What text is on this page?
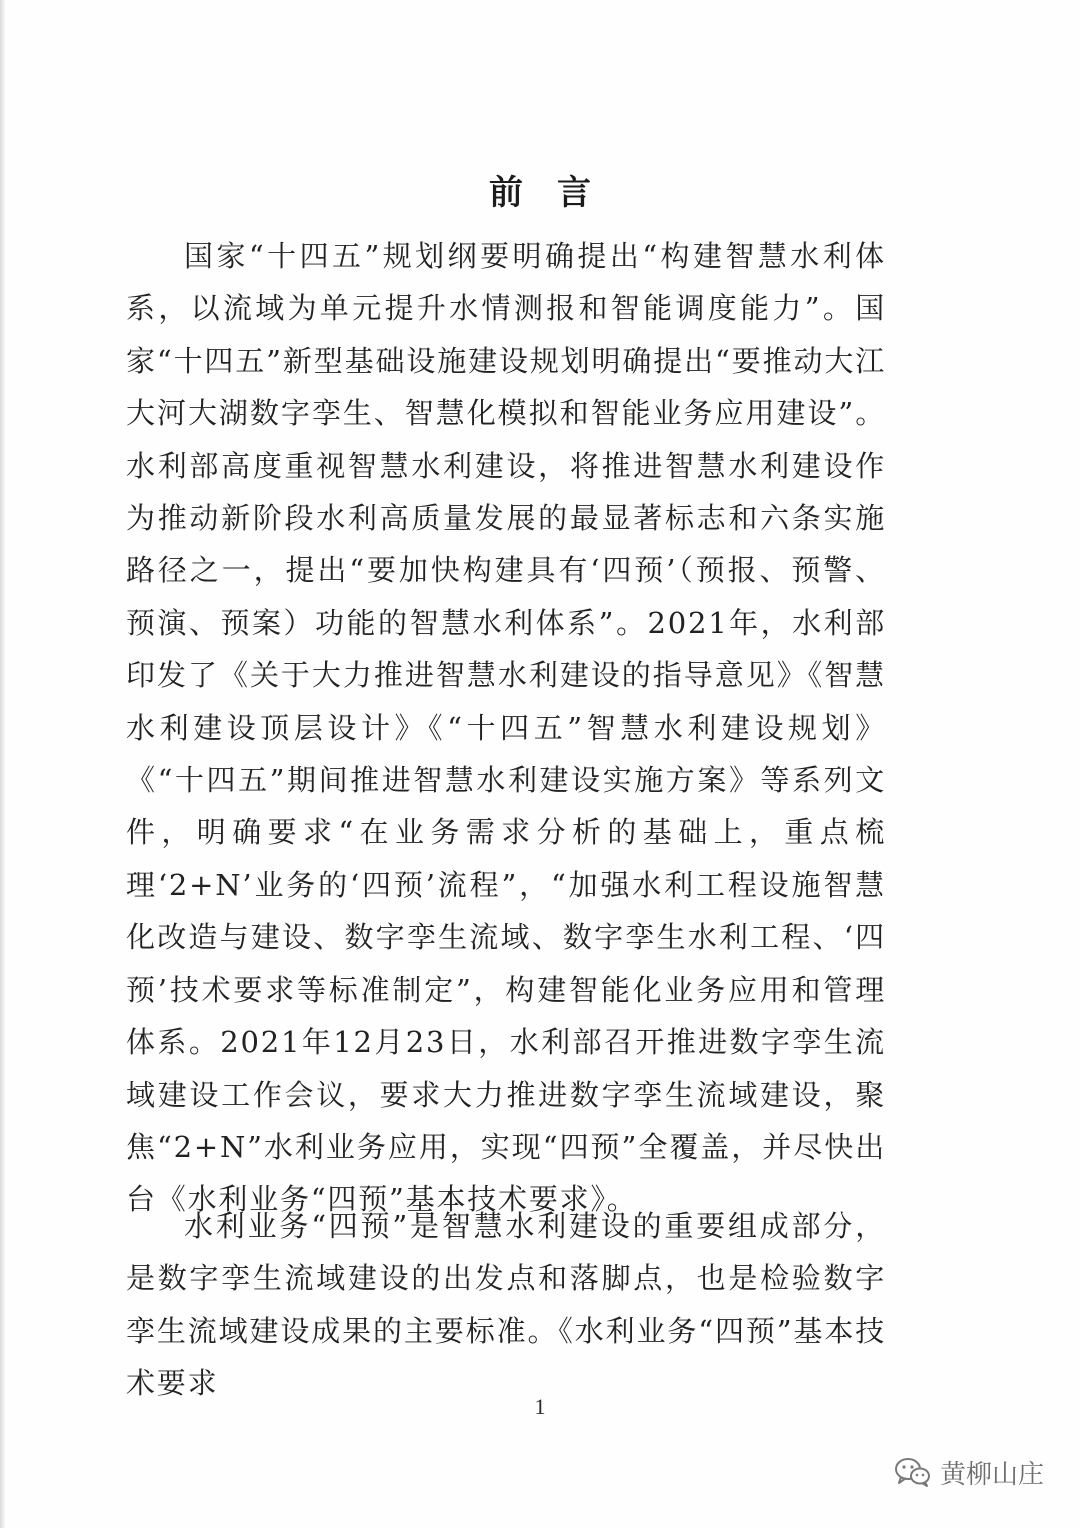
前言

国家“十四五”规划纲要明确提出“构建智慧水利体系，以流域为单元提升水情测报和智能调度能力”。国家“十四五”新型基础设施建设规划明确提出“要推动大江大河大湖数字孪生、智慧化模拟和智能业务应用建设”。水利部高度重视智慧水利建设，将推进智慧水利建设作为推动新阶段水利高质量发展的最显著标志和六条实施路径之一，提出“要加快构建具有‘四预’（预报、预警、预演、预案）功能的智慧水利体系”。2021年，水利部印发了《关于大力推进智慧水利建设的指导意见》《智慧水利建设顶层设计》《“十四五”智慧水利建设规划》《“十四五”期间推进智慧水利建设实施方案》等系列文件，明确要求“在业务需求分析的基础上，重点梳理‘2+N’业务的‘四预’流程”，“加强水利工程设施智慧化改造与建设、数字孪生流域、数字孪生水利工程、‘四预’技术要求等标准制定”，构建智能化业务应用和管理体系。2021年12月23日，水利部召开推进数字孪生流域建设工作会议，要求大力推进数字孪生流域建设，聚焦“2+N”水利业务应用，实现“四预”全覆盖，并尽快出台《水利业务“四预”基本技术要求》。

水利业务“四预”是智慧水利建设的重要组成部分，是数字孪生流域建设的出发点和落脚点，也是检验数字孪生流域建设成果的主要标准。《水利业务“四预”基本技术要求

1
黄柳山庄
